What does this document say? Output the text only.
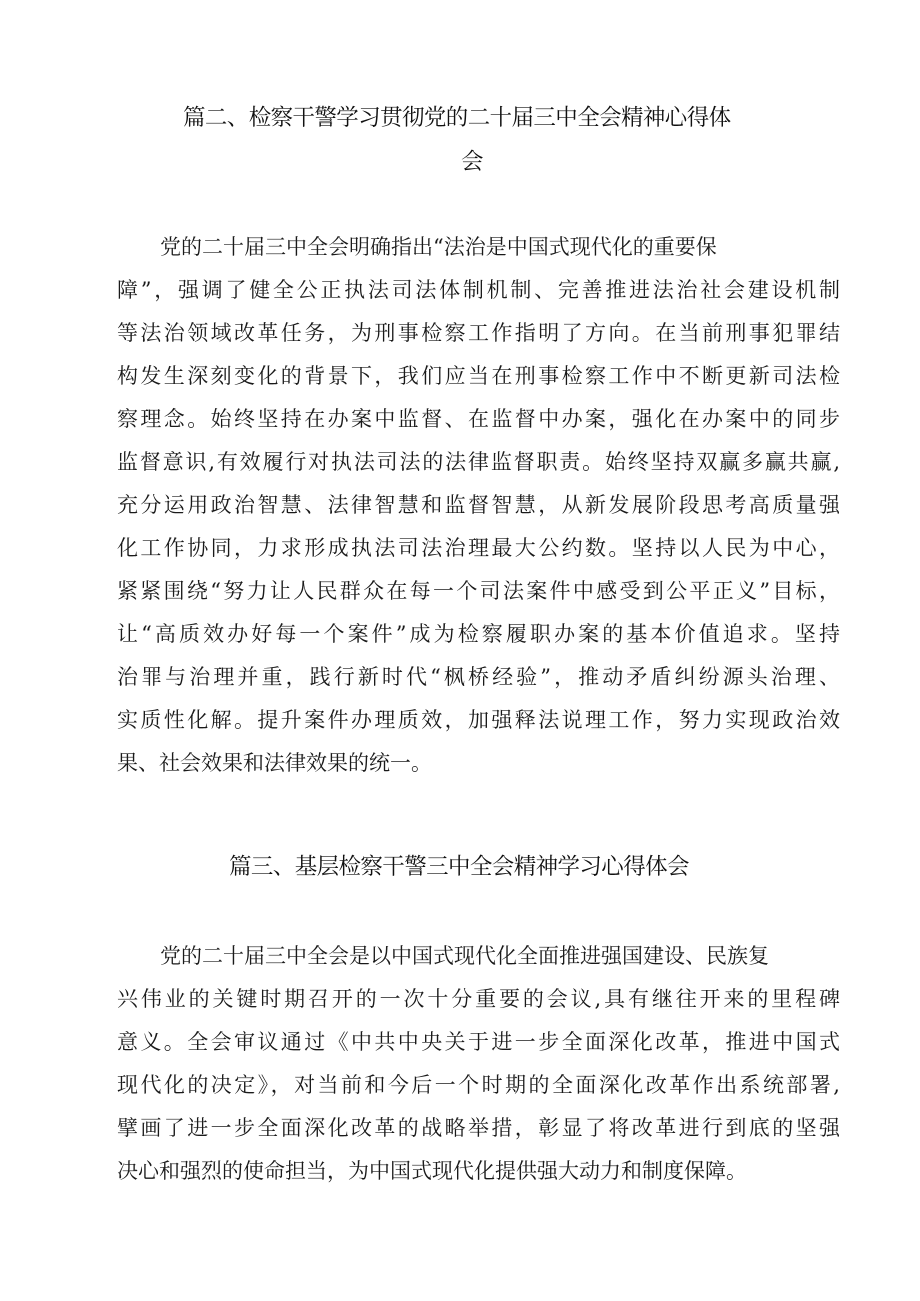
篇二、检察干警学习贯彻党的二十届三中全会精神心得体
会
党的二十届三中全会明确指出“法治是中国式现代化的重要保
障”，强调了健全公正执法司法体制机制、完善推进法治社会建设机制
等法治领域改革任务，为刑事检察工作指明了方向。在当前刑事犯罪结
构发生深刻变化的背景下，我们应当在刑事检察工作中不断更新司法检
察理念。始终坚持在办案中监督、在监督中办案，强化在办案中的同步
监督意识,有效履行对执法司法的法律监督职责。始终坚持双赢多赢共赢,
充分运用政治智慧、法律智慧和监督智慧，从新发展阶段思考高质量强
化工作协同，力求形成执法司法治理最大公约数。坚持以人民为中心，
紧紧围绕“努力让人民群众在每一个司法案件中感受到公平正义”目标，
让“高质效办好每一个案件”成为检察履职办案的基本价值追求。坚持
治罪与治理并重，践行新时代“枫桥经验”，推动矛盾纠纷源头治理、
实质性化解。提升案件办理质效，加强释法说理工作，努力实现政治效
果、社会效果和法律效果的统一。
篇三、基层检察干警三中全会精神学习心得体会
党的二十届三中全会是以中国式现代化全面推进强国建设、民族复
兴伟业的关键时期召开的一次十分重要的会议,具有继往开来的里程碑
意义。全会审议通过《中共中央关于进一步全面深化改革，推进中国式
现代化的决定》，对当前和今后一个时期的全面深化改革作出系统部署,
擘画了进一步全面深化改革的战略举措，彰显了将改革进行到底的坚强
决心和强烈的使命担当，为中国式现代化提供强大动力和制度保障。
